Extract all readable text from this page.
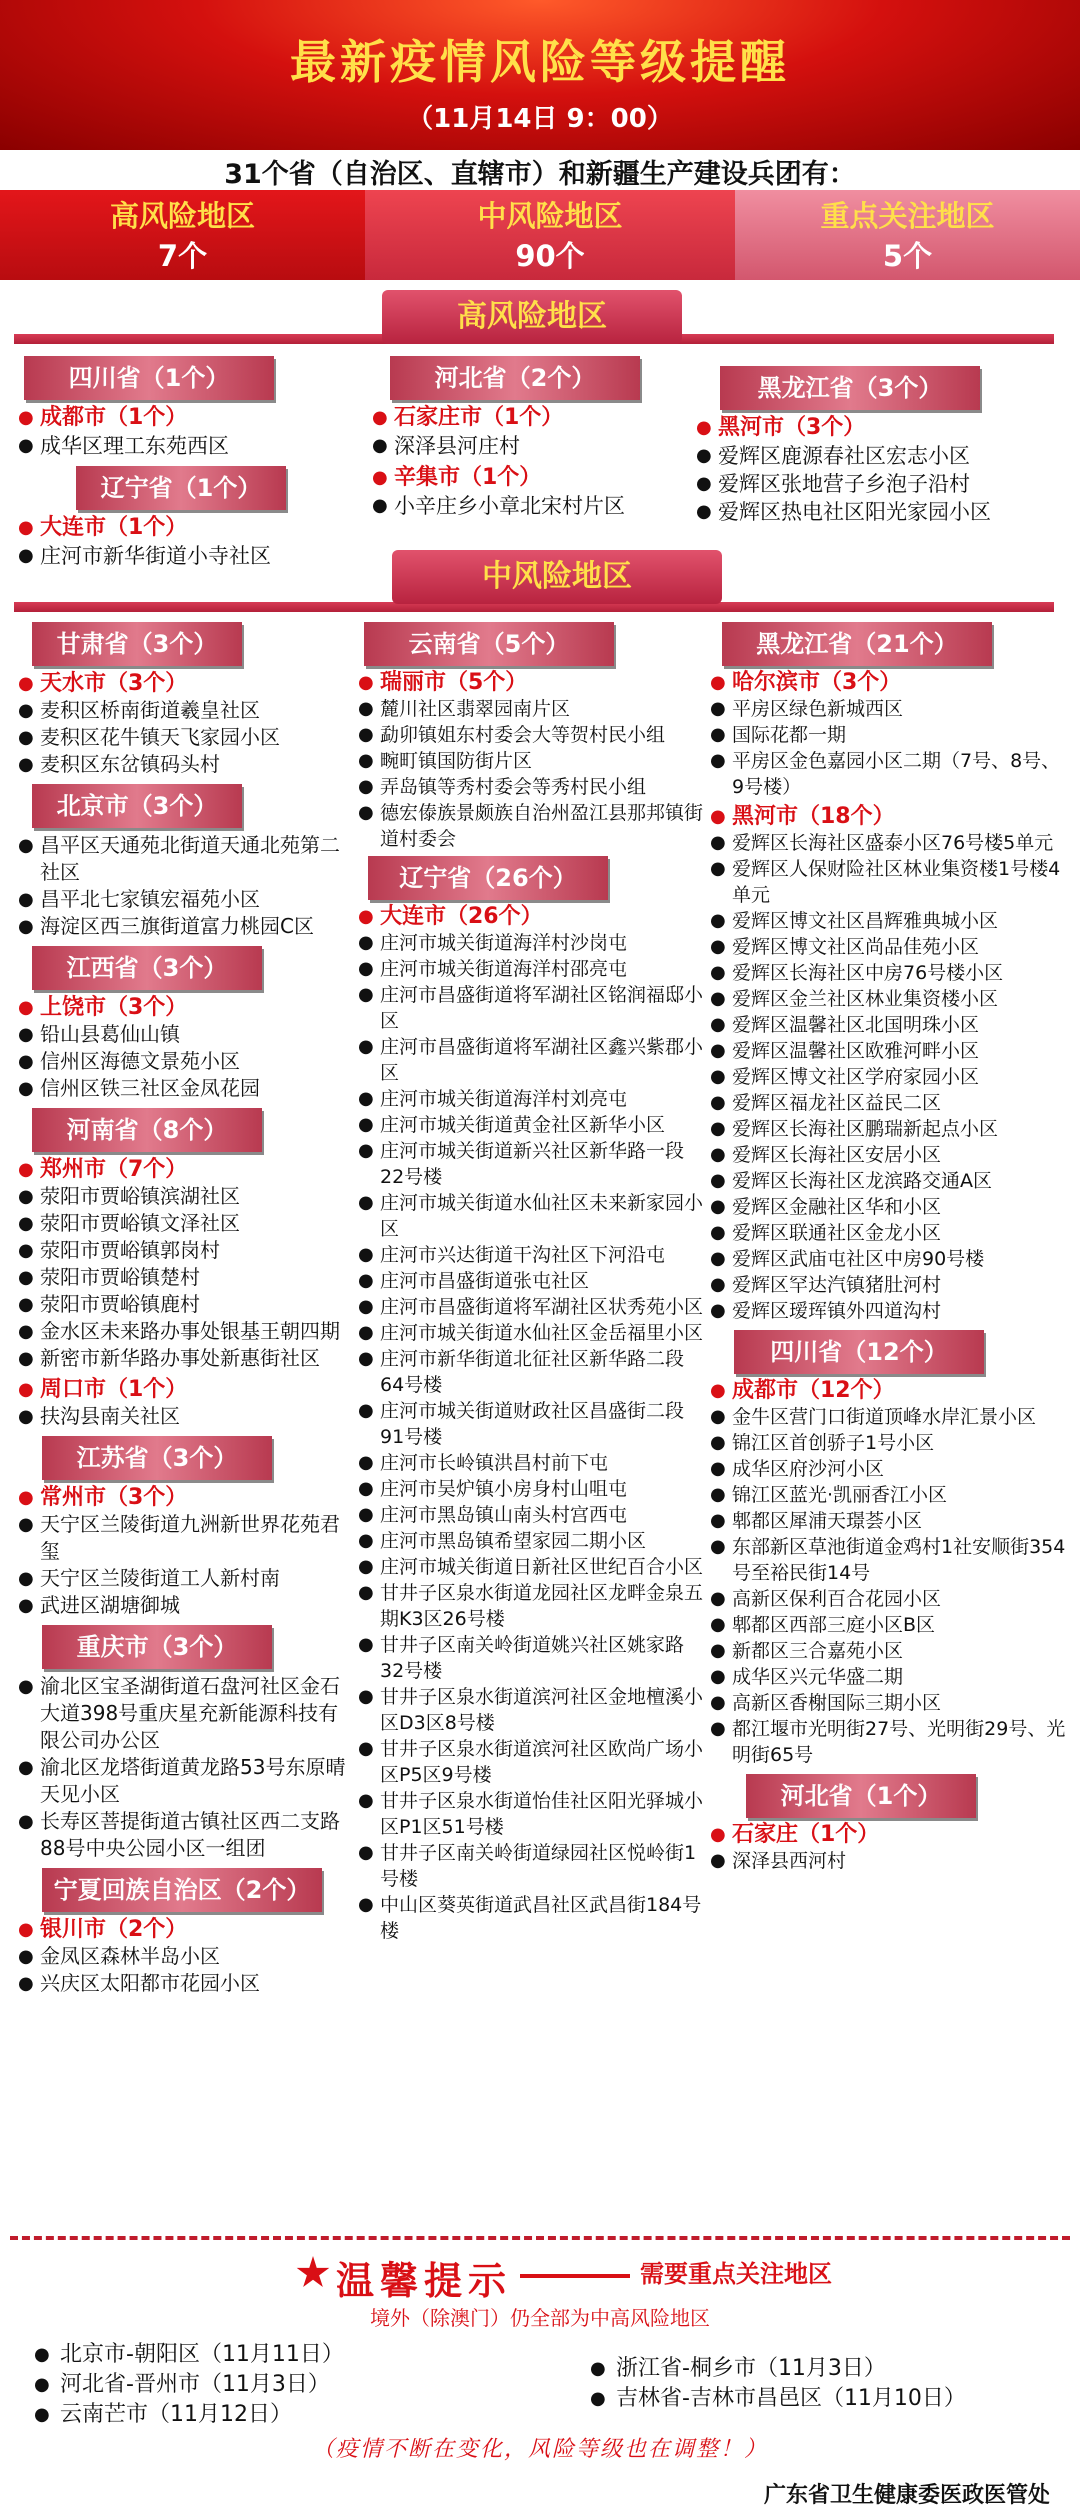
最新疫情风险等级提醒
（11月14日 9：00）
31个省（自治区、直辖市）和新疆生产建设兵团有：
高风险地区
7个
中风险地区
90个
重点关注地区
5个
高风险地区
四川省（1个）
● 成都市（1个）
● 成华区理工东苑西区
辽宁省（1个）
● 大连市（1个）
● 庄河市新华街道小寺社区
河北省（2个）
● 石家庄市（1个）
● 深泽县河庄村
● 辛集市（1个）
● 小辛庄乡小章北宋村片区
黑龙江省（3个）
● 黑河市（3个）
● 爱辉区鹿源春社区宏志小区
● 爱辉区张地营子乡泡子沿村
● 爱辉区热电社区阳光家园小区
中风险地区
甘肃省（3个）
● 天水市（3个）
● 麦积区桥南街道羲皇社区
● 麦积区花牛镇天飞家园小区
● 麦积区东岔镇码头村
北京市（3个）
● 昌平区天通苑北街道天通北苑第二社区
● 昌平北七家镇宏福苑小区
● 海淀区西三旗街道富力桃园C区
江西省（3个）
● 上饶市（3个）
● 铅山县葛仙山镇
● 信州区海德文景苑小区
● 信州区铁三社区金凤花园
河南省（8个）
● 郑州市（7个）
● 荥阳市贾峪镇滨湖社区
● 荥阳市贾峪镇文泽社区
● 荥阳市贾峪镇郭岗村
● 荥阳市贾峪镇楚村
● 荥阳市贾峪镇鹿村
● 金水区未来路办事处银基王朝四期
● 新密市新华路办事处新惠街社区
● 周口市（1个）
● 扶沟县南关社区
江苏省（3个）
● 常州市（3个）
● 天宁区兰陵街道九洲新世界花苑君玺
● 天宁区兰陵街道工人新村南
● 武进区湖塘御城
重庆市（3个）
● 渝北区宝圣湖街道石盘河社区金石大道398号重庆星充新能源科技有限公司办公区
● 渝北区龙塔街道黄龙路53号东原晴天见小区
● 长寿区菩提街道古镇社区西二支路88号中央公园小区一组团
宁夏回族自治区（2个）
● 银川市（2个）
● 金凤区森林半岛小区
● 兴庆区太阳都市花园小区
云南省（5个）
● 瑞丽市（5个）
● 麓川社区翡翠园南片区
● 勐卯镇姐东村委会大等贺村民小组
● 畹町镇国防街片区
● 弄岛镇等秀村委会等秀村民小组
● 德宏傣族景颇族自治州盈江县那邦镇街道村委会
辽宁省（26个）
● 大连市（26个）
● 庄河市城关街道海洋村沙岗屯
● 庄河市城关街道海洋村邵亮屯
● 庄河市昌盛街道将军湖社区铭润福邸小区
● 庄河市昌盛街道将军湖社区鑫兴紫郡小区
● 庄河市城关街道海洋村刘亮屯
● 庄河市城关街道黄金社区新华小区
● 庄河市城关街道新兴社区新华路一段22号楼
● 庄河市城关街道水仙社区未来新家园小区
● 庄河市兴达街道干沟社区下河沿屯
● 庄河市昌盛街道张屯社区
● 庄河市昌盛街道将军湖社区状秀苑小区
● 庄河市城关街道水仙社区金岳福里小区
● 庄河市新华街道北征社区新华路二段64号楼
● 庄河市城关街道财政社区昌盛街二段91号楼
● 庄河市长岭镇洪昌村前下屯
● 庄河市吴炉镇小房身村山咀屯
● 庄河市黑岛镇山南头村宫西屯
● 庄河市黑岛镇希望家园二期小区
● 庄河市城关街道日新社区世纪百合小区
● 甘井子区泉水街道龙园社区龙畔金泉五期K3区26号楼
● 甘井子区南关岭街道姚兴社区姚家路32号楼
● 甘井子区泉水街道滨河社区金地檀溪小区D3区8号楼
● 甘井子区泉水街道滨河社区欧尚广场小区P5区9号楼
● 甘井子区泉水街道怡佳社区阳光驿城小区P1区51号楼
● 甘井子区南关岭街道绿园社区悦岭街1号楼
● 中山区葵英街道武昌社区武昌街184号楼
黑龙江省（21个）
● 哈尔滨市（3个）
● 平房区绿色新城西区
● 国际花都一期
● 平房区金色嘉园小区二期（7号、8号、9号楼）
● 黑河市（18个）
● 爱辉区长海社区盛泰小区76号楼5单元
● 爱辉区人保财险社区林业集资楼1号楼4单元
● 爱辉区博文社区昌辉雅典城小区
● 爱辉区博文社区尚品佳苑小区
● 爱辉区长海社区中房76号楼小区
● 爱辉区金兰社区林业集资楼小区
● 爱辉区温馨社区北国明珠小区
● 爱辉区温馨社区欧雅河畔小区
● 爱辉区博文社区学府家园小区
● 爱辉区福龙社区益民二区
● 爱辉区长海社区鹏瑞新起点小区
● 爱辉区长海社区安居小区
● 爱辉区长海社区龙滨路交通A区
● 爱辉区金融社区华和小区
● 爱辉区联通社区金龙小区
● 爱辉区武庙屯社区中房90号楼
● 爱辉区罕达汽镇猪肚河村
● 爱辉区瑷珲镇外四道沟村
四川省（12个）
● 成都市（12个）
● 金牛区营门口街道顶峰水岸汇景小区
● 锦江区首创骄子1号小区
● 成华区府沙河小区
● 锦江区蓝光·凯丽香江小区
● 郫都区犀浦天璟荟小区
● 东部新区草池街道金鸡村1社安顺街354号至裕民街14号
● 高新区保利百合花园小区
● 郫都区西部三庭小区B区
● 新都区三合嘉苑小区
● 成华区兴元华盛二期
● 高新区香榭国际三期小区
● 都江堰市光明街27号、光明街29号、光明街65号
河北省（1个）
● 石家庄（1个）
● 深泽县西河村
温馨提示	需要重点关注地区
境外（除澳门）仍全部为中高风险地区
● 北京市-朝阳区（11月11日）
● 河北省-晋州市（11月3日）
● 云南芒市（11月12日）
● 浙江省-桐乡市（11月3日）
● 吉林省-吉林市昌邑区（11月10日）
（疫情不断在变化，风险等级也在调整！）
广东省卫生健康委医政医管处
